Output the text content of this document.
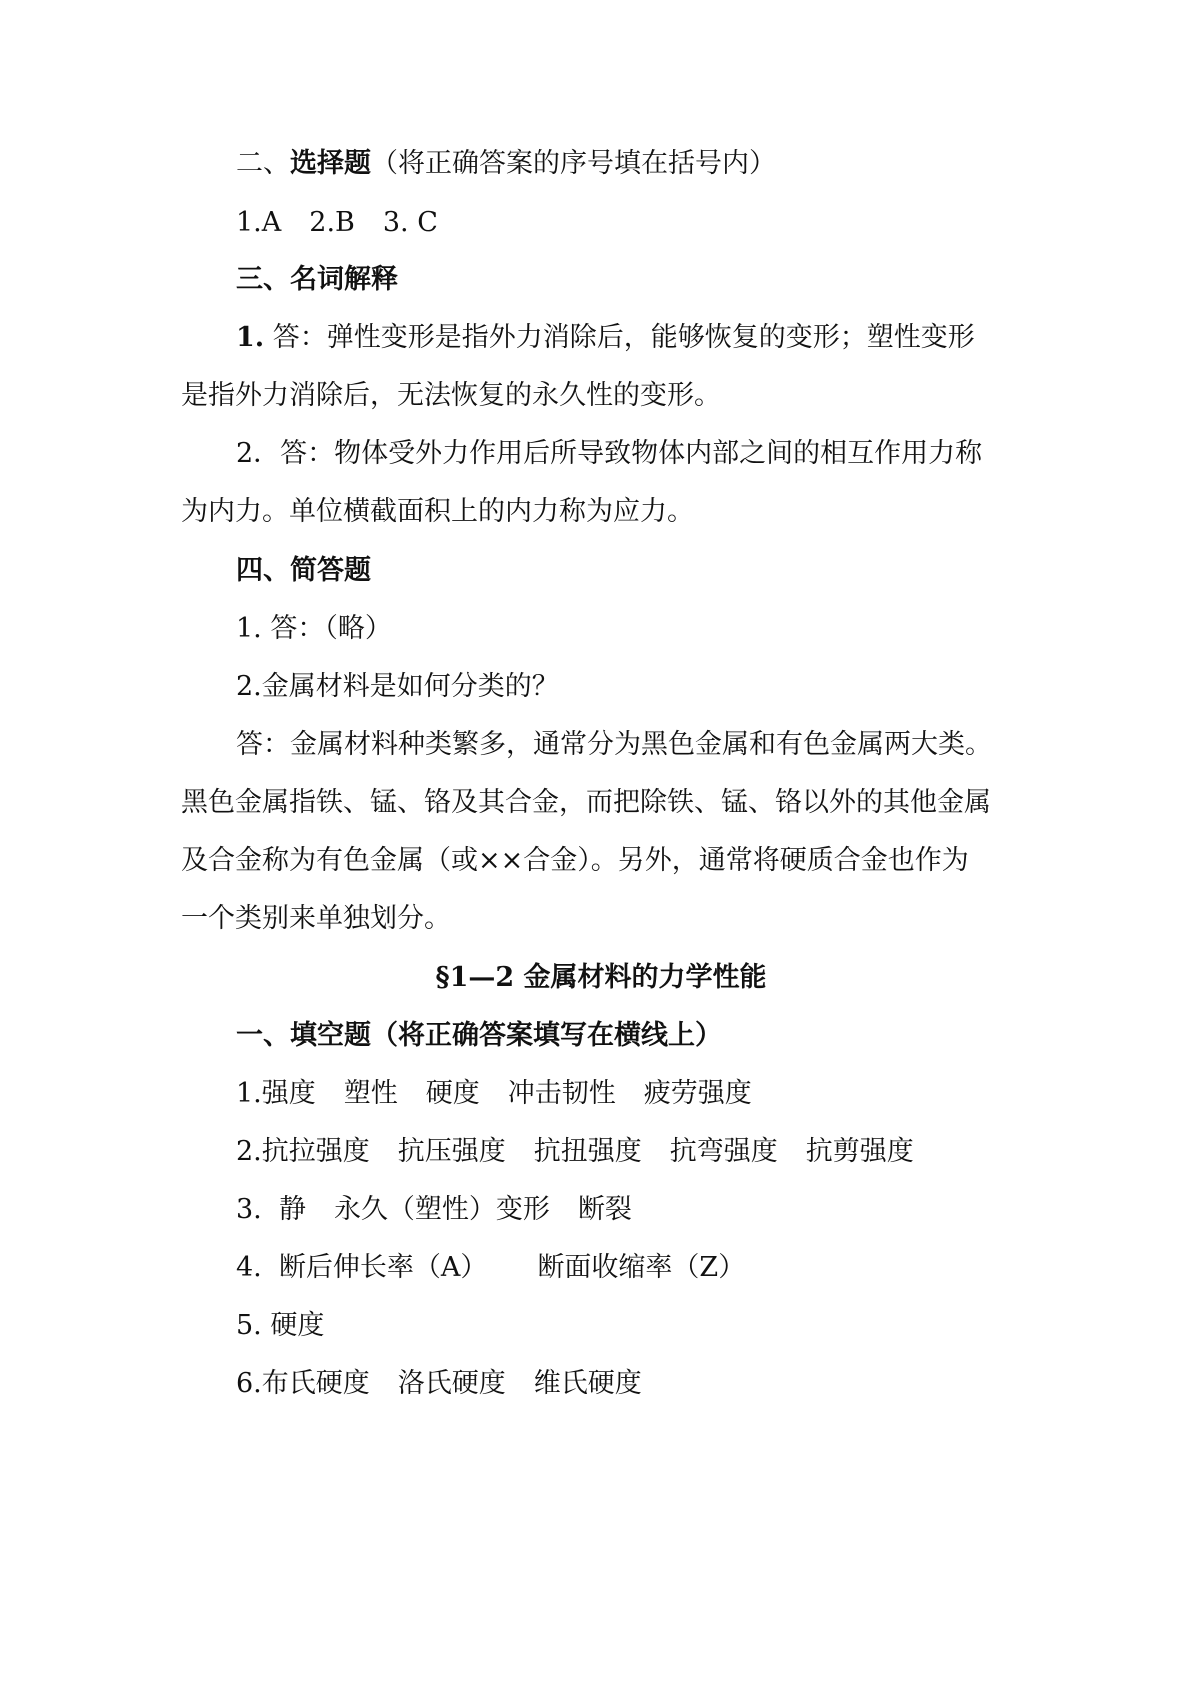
二、选择题（将正确答案的序号填在括号内）
1.A 2.B 3. C
三、名词解释
1. 答：弹性变形是指外力消除后，能够恢复的变形；塑性变形
是指外力消除后，无法恢复的永久性的变形。
2．答：物体受外力作用后所导致物体内部之间的相互作用力称
为内力。单位横截面积上的内力称为应力。
四、简答题
1. 答：（略）
2.金属材料是如何分类的？
答：金属材料种类繁多，通常分为黑色金属和有色金属两大类。
黑色金属指铁、锰、铬及其合金，而把除铁、锰、铬以外的其他金属
及合金称为有色金属（或××合金）。另外，通常将硬质合金也作为
一个类别来单独划分。
§1—2 金属材料的力学性能
一、填空题（将正确答案填写在横线上）
1.强度 塑性 硬度 冲击韧性 疲劳强度
2.抗拉强度 抗压强度 抗扭强度 抗弯强度 抗剪强度
3. 静 永久（塑性）变形 断裂
4. 断后伸长率（A） 断面收缩率（Z）
5. 硬度
6.布氏硬度 洛氏硬度 维氏硬度
